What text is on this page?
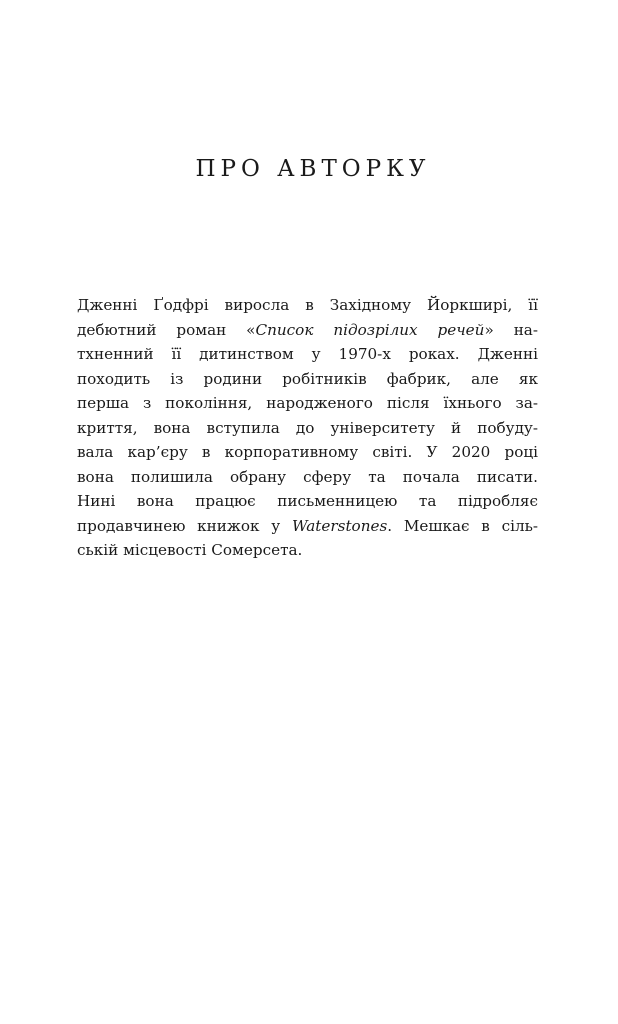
ПРО АВТОРКУ
Дженні Ґодфрі виросла в Західному Йоркширі, її
дебютний роман «Список підозрілих речей» на-
тхненний її дитинством у 1970-х роках. Дженні
походить із родини робітників фабрик, але як
перша з покоління, народженого після їхнього за-
криття, вона вступила до університету й побуду-
вала кар’єру в корпоративному світі. У 2020 році
вона полишила обрану сферу та почала писати.
Нині вона працює письменницею та підробляє
продавчинею книжок у Waterstones. Мешкає в сіль-
ській місцевості Сомерсета.
